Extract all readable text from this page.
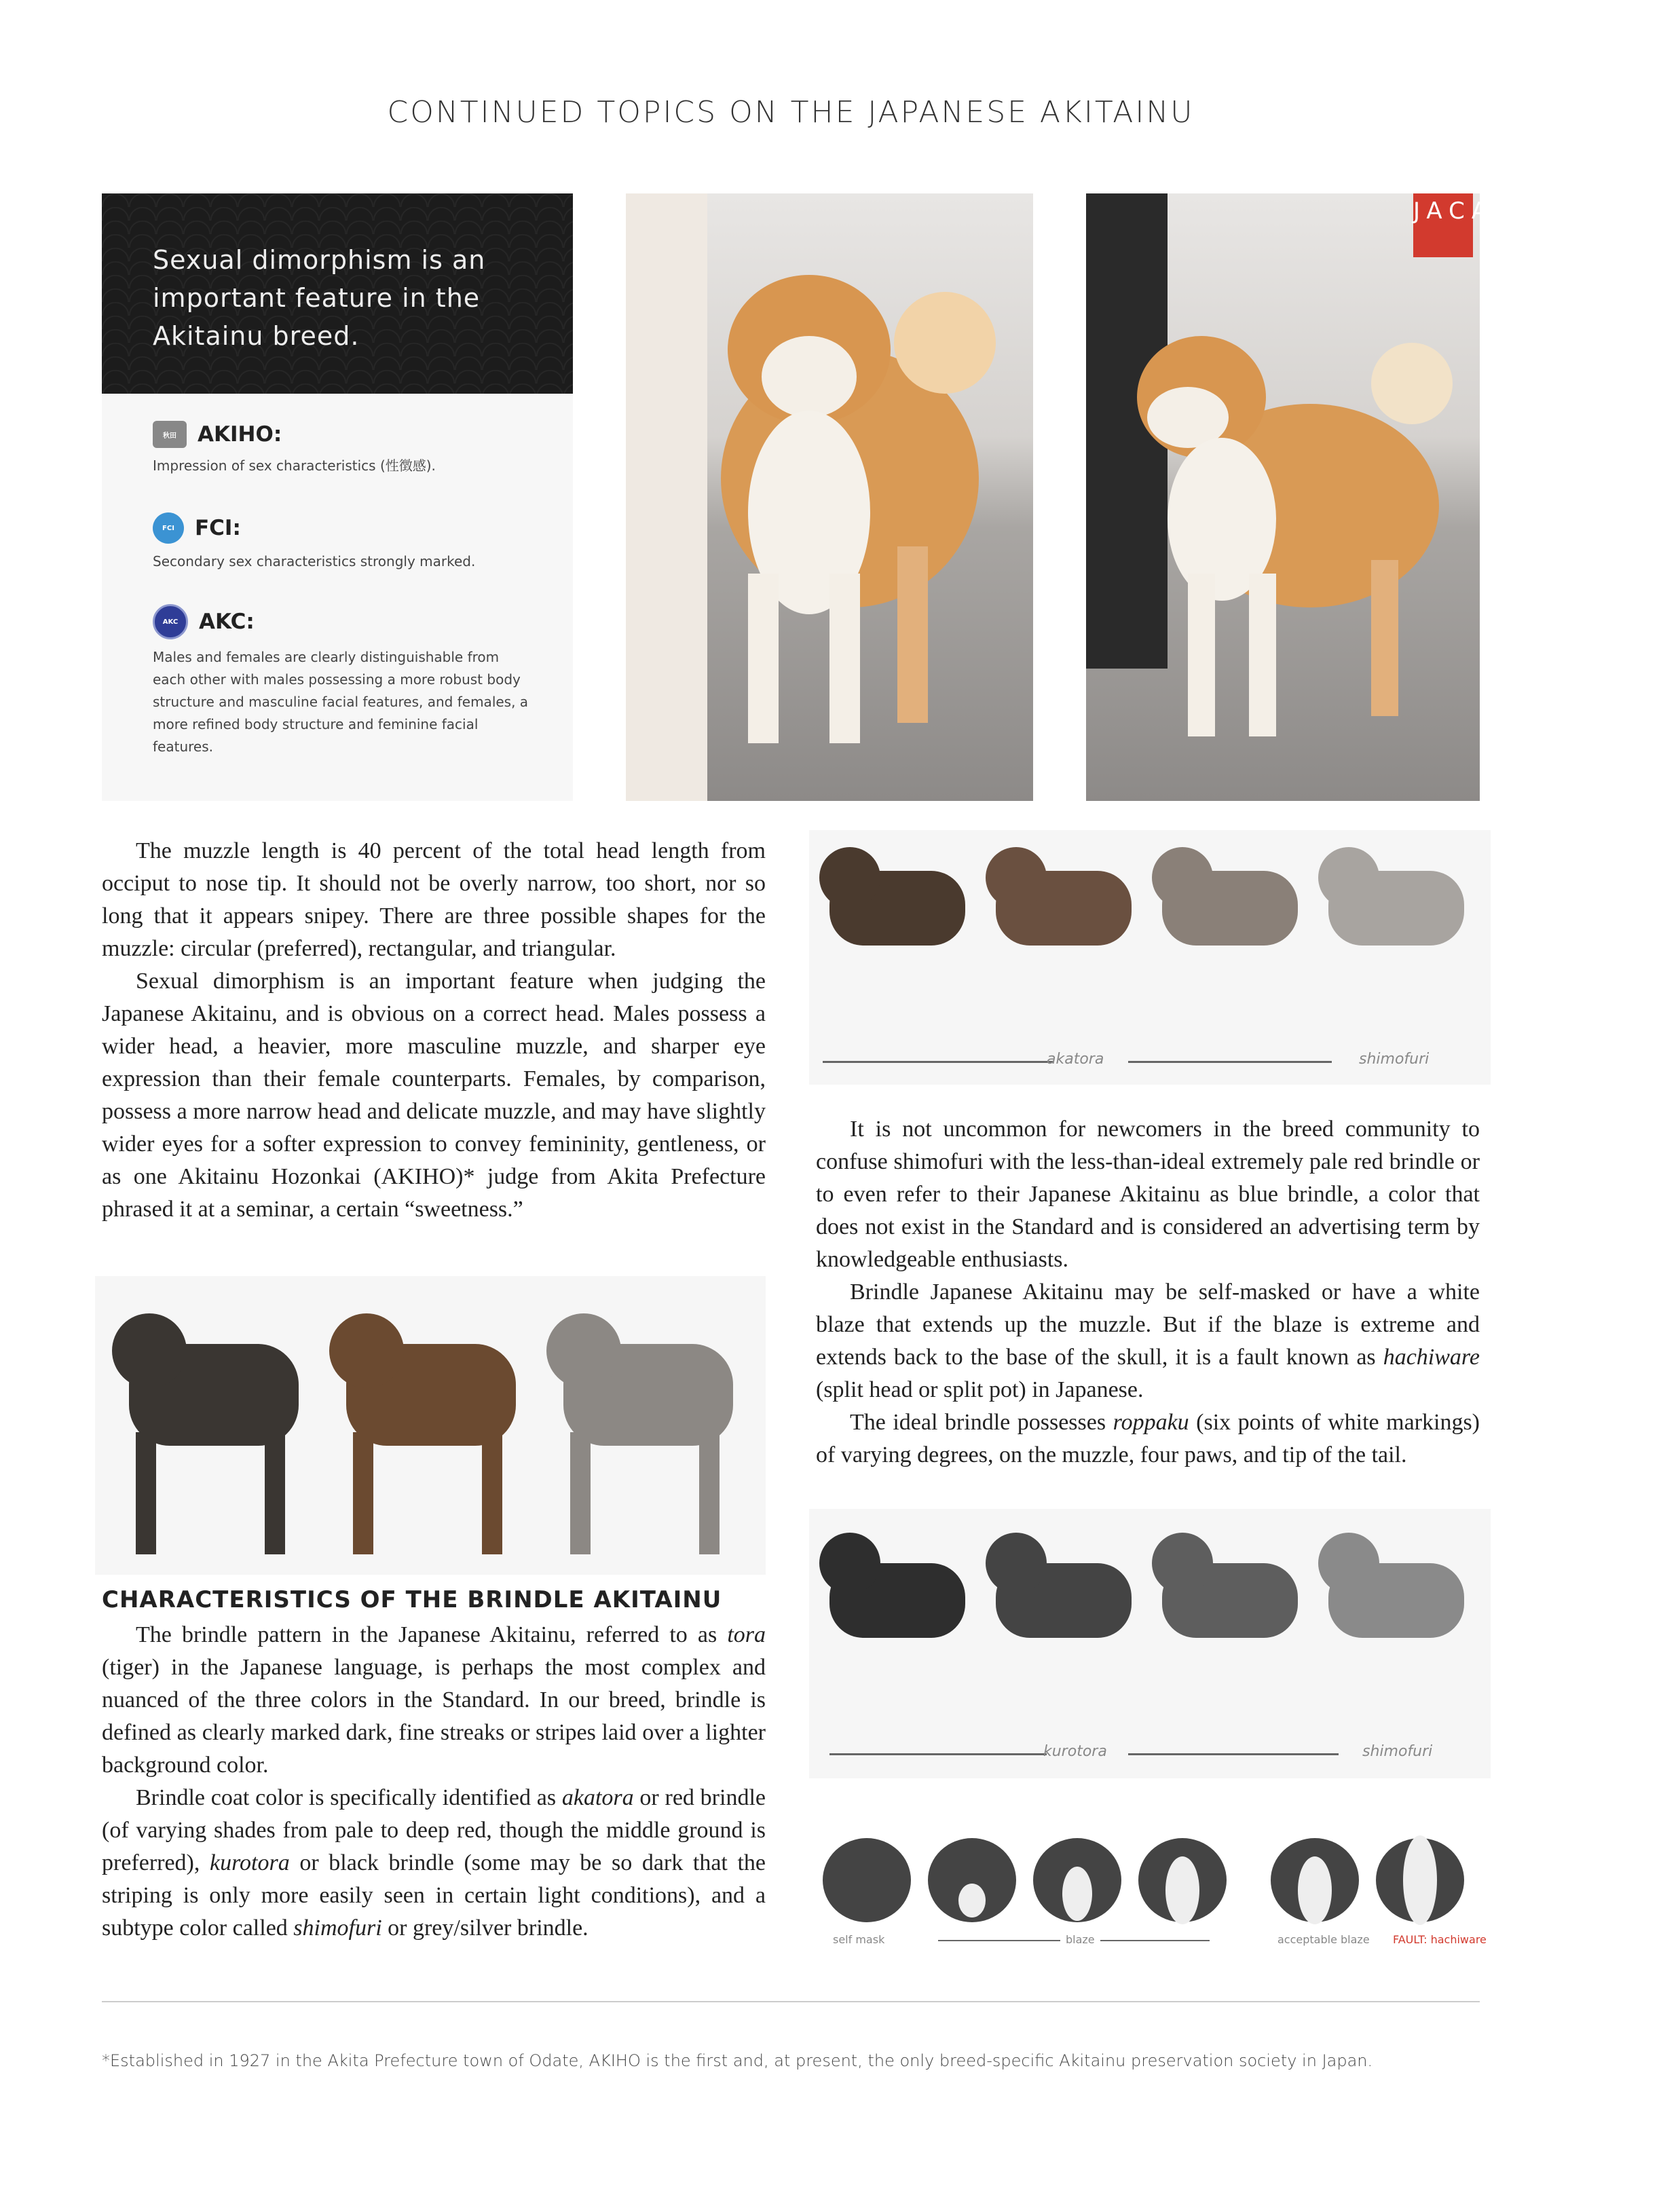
CONTINUED TOPICS ON THE JAPANESE AKITAINU

Sexual dimorphism is an important feature in the Akitainu breed.

秋田	AKIHO:
Impression of sex characteristics (性徴感).
FCI FCI:
Secondary sex characteristics strongly marked.
AKC AKC:
Males and females are clearly distinguishable from each other with males possessing a more robust body structure and masculine facial features, and females, a more refined body structure and feminine facial features.
JACA

The muzzle length is 40 percent of the total head length from occiput to nose tip. It should not be overly narrow, too short, nor so long that it appears snipey. There are three possible shapes for the muzzle: circular (preferred), rectangular, and triangular.

Sexual dimorphism is an important feature when judging the Japanese Akitainu, and is obvious on a correct head. Males possess a wider head, a heavier, more masculine muzzle, and sharper eye expression than their female counterparts. Females, by comparison, possess a more narrow head and delicate muzzle, and may have slightly wider eyes for a softer expression to convey femininity, gentleness, or as one Akitainu Hozonkai (AKIHO)* judge from Akita Prefecture phrased it at a seminar, a certain “sweetness.”

akatora	shimofuri

It is not uncommon for newcomers in the breed community to confuse shimofuri with the less-than-ideal extremely pale red brindle or to even refer to their Japanese Akitainu as blue brindle, a color that does not exist in the Standard and is considered an advertising term by knowledgeable enthusiasts.

Brindle Japanese Akitainu may be self-masked or have a white blaze that extends up the muzzle. But if the blaze is extreme and extends back to the base of the skull, it is a fault known as hachiware (split head or split pot) in Japanese.

The ideal brindle possesses roppaku (six points of white markings) of varying degrees, on the muzzle, four paws, and tip of the tail.

CHARACTERISTICS OF THE BRINDLE AKITAINU

The brindle pattern in the Japanese Akitainu, referred to as tora (tiger) in the Japanese language, is perhaps the most complex and nuanced of the three colors in the Standard. In our breed, brindle is defined as clearly marked dark, fine streaks or stripes laid over a lighter background color.

Brindle coat color is specifically identified as akatora or red brindle (of varying shades from pale to deep red, though the middle ground is preferred), kurotora or black brindle (some may be so dark that the striping is only more easily seen in certain light conditions), and a subtype color called shimofuri or grey/silver brindle.

kurotora	shimofuri
self mask	blaze	acceptable blaze FAULT: hachiware
*Established in 1927 in the Akita Prefecture town of Odate, AKIHO is the first and, at present, the only breed-specific Akitainu preservation society in Japan.
